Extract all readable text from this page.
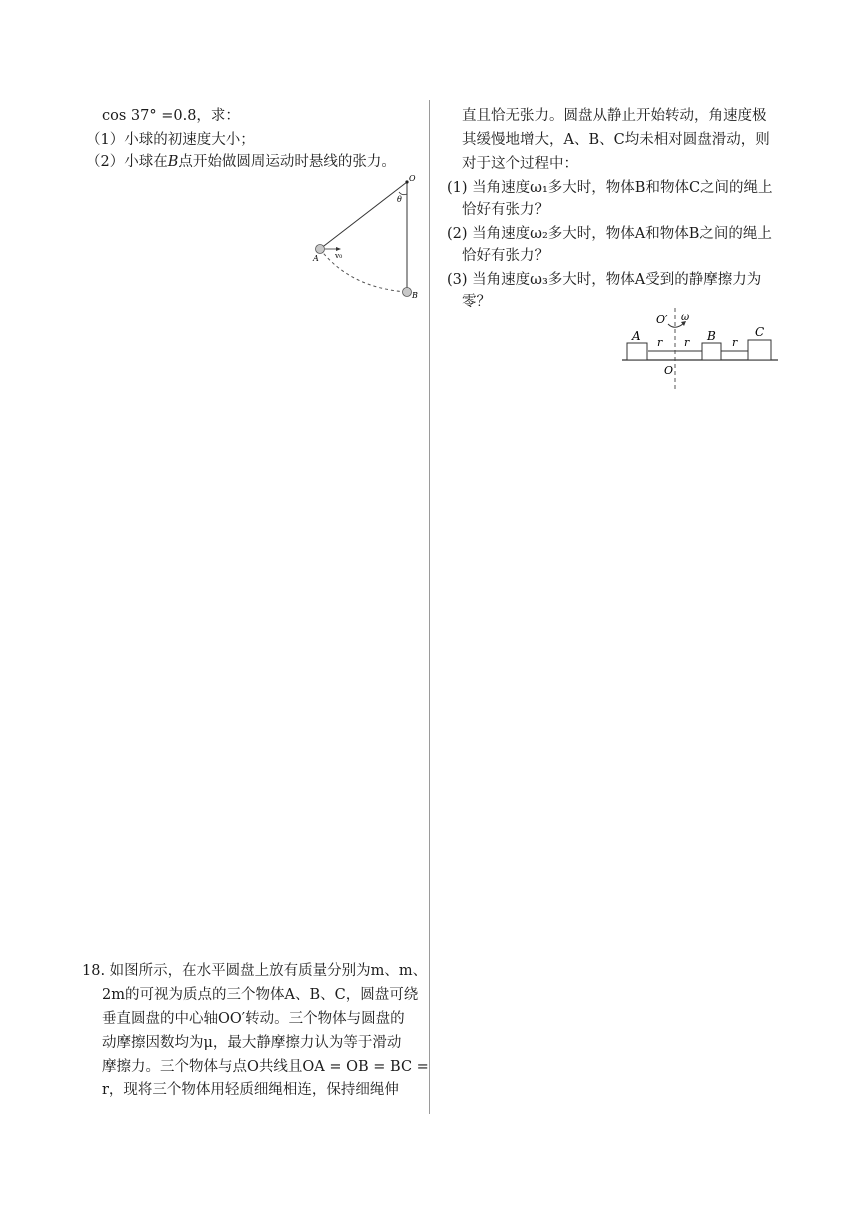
cos 37° =0.8，求：
（1）小球的初速度大小；
（2）小球在B点开始做圆周运动时悬线的张力。
O
θ
A v₀
B
18. 如图所示，在水平圆盘上放有质量分别为m、m、
2m的可视为质点的三个物体A、B、C，圆盘可绕
垂直圆盘的中心轴OO′转动。三个物体与圆盘的
动摩擦因数均为μ，最大静摩擦力认为等于滑动
摩擦力。三个物体与点O共线且OA = OB = BC =
r，现将三个物体用轻质细绳相连，保持细绳伸
直且恰无张力。圆盘从静止开始转动，角速度极
其缓慢地增大，A、B、C均未相对圆盘滑动，则
对于这个过程中：
(1) 当角速度ω₁多大时，物体B和物体C之间的绳上
恰好有张力？
(2) 当角速度ω₂多大时，物体A和物体B之间的绳上
恰好有张力？
(3) 当角速度ω₃多大时，物体A受到的静摩擦力为
零？
O′ ω
A	B	C
r r	r
O
